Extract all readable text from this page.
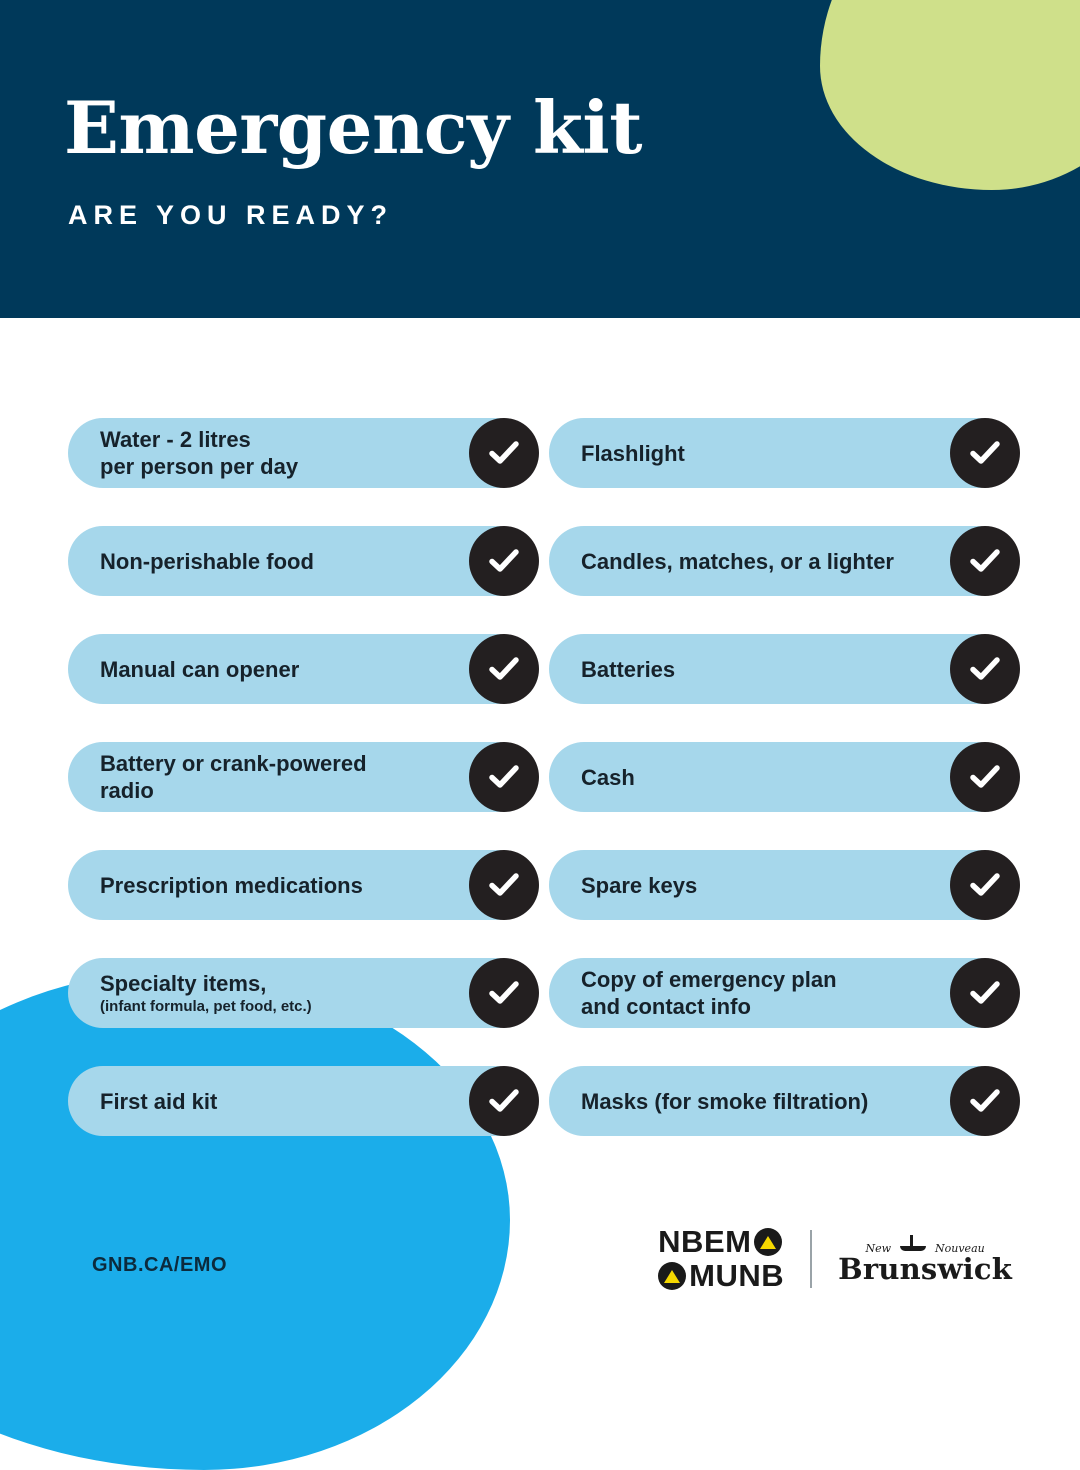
Emergency kit
ARE YOU READY?
Water - 2 litres
per person per day
Non-perishable food
Manual can opener
Battery or crank-powered
radio
Prescription medications
Specialty items,
(infant formula, pet food, etc.)
First aid kit
Flashlight
Candles, matches, or a lighter
Batteries
Cash
Spare keys
Copy of emergency plan
and contact info
Masks (for smoke filtration)
GNB.CA/EMO
NBEM
MUNB
New	Nouveau
Brunswick
